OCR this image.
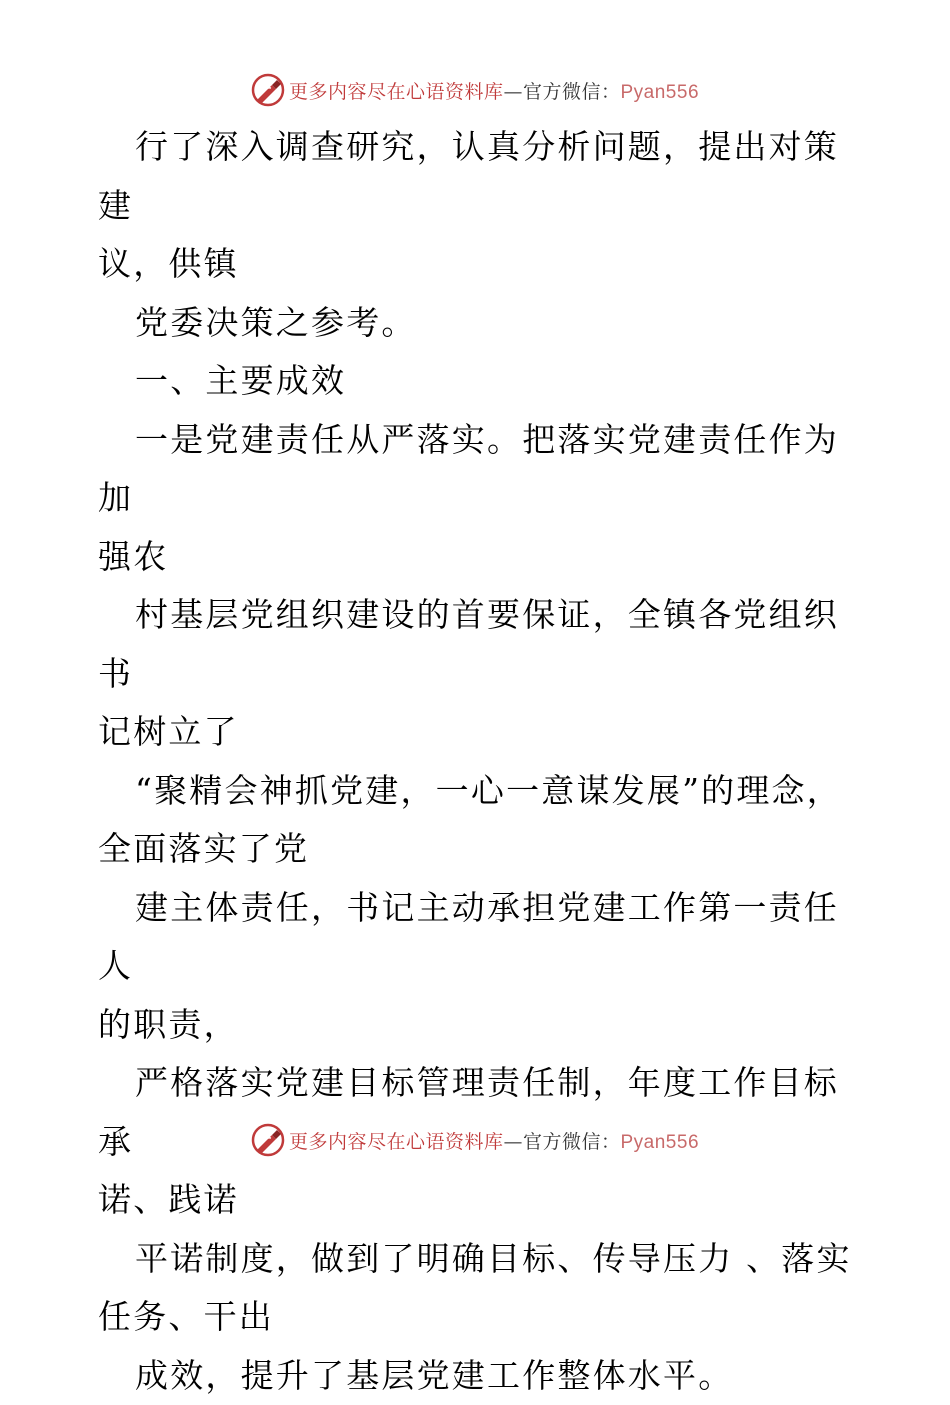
更多内容尽在心语资料库—官方微信：Pyan556

行了深入调查研究，认真分析问题，提出对策建
议，供镇

党委决策之参考。

一、主要成效

一是党建责任从严落实。把落实党建责任作为加
强农

村基层党组织建设的首要保证，全镇各党组织书
记树立了

“聚精会神抓党建，一心一意谋发展”的理念，
全面落实了党

建主体责任，书记主动承担党建工作第一责任人
的职责，

严格落实党建目标管理责任制，年度工作目标承
诺、践诺

平诺制度，做到了明确目标、传导压力 、落实
任务、干出

成效，提升了基层党建工作整体水平。

更多内容尽在心语资料库—官方微信：Pyan556
